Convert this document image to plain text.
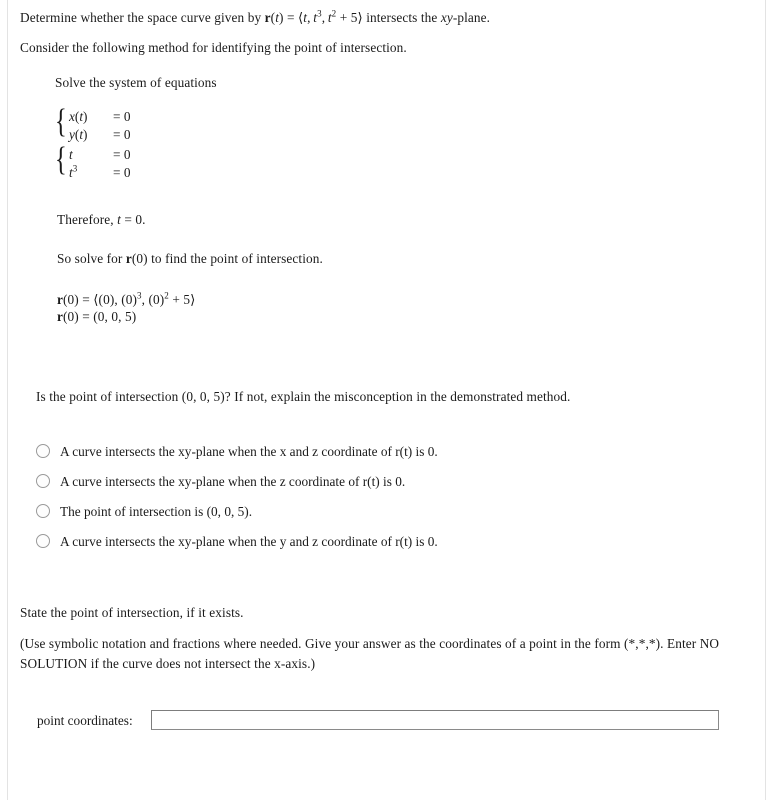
Determine whether the space curve given by r(t) = ⟨t, $t^3$, $t^2$ + 5⟩ intersects the xy-plane.
Consider the following method for identifying the point of intersection.
Solve the system of equations
{ x(t) = 0
y(t) = 0
{ t	= 0
$t^3$	= 0
Therefore, t = 0.
So solve for r(0) to find the point of intersection.
r(0) = ⟨(0), $(0)^3$, $(0)^2$ + 5⟩
r(0) = (0, 0, 5)
Is the point of intersection (0, 0, 5)? If not, explain the misconception in the demonstrated method.
A curve intersects the xy-plane when the x and z coordinate of r(t) is 0.
A curve intersects the xy-plane when the z coordinate of r(t) is 0.
The point of intersection is (0, 0, 5).
A curve intersects the xy-plane when the y and z coordinate of r(t) is 0.
State the point of intersection, if it exists.
(Use symbolic notation and fractions where needed. Give your answer as the coordinates of a point in the form (*,*,*). Enter NO SOLUTION if the curve does not intersect the x-axis.)
point coordinates:
